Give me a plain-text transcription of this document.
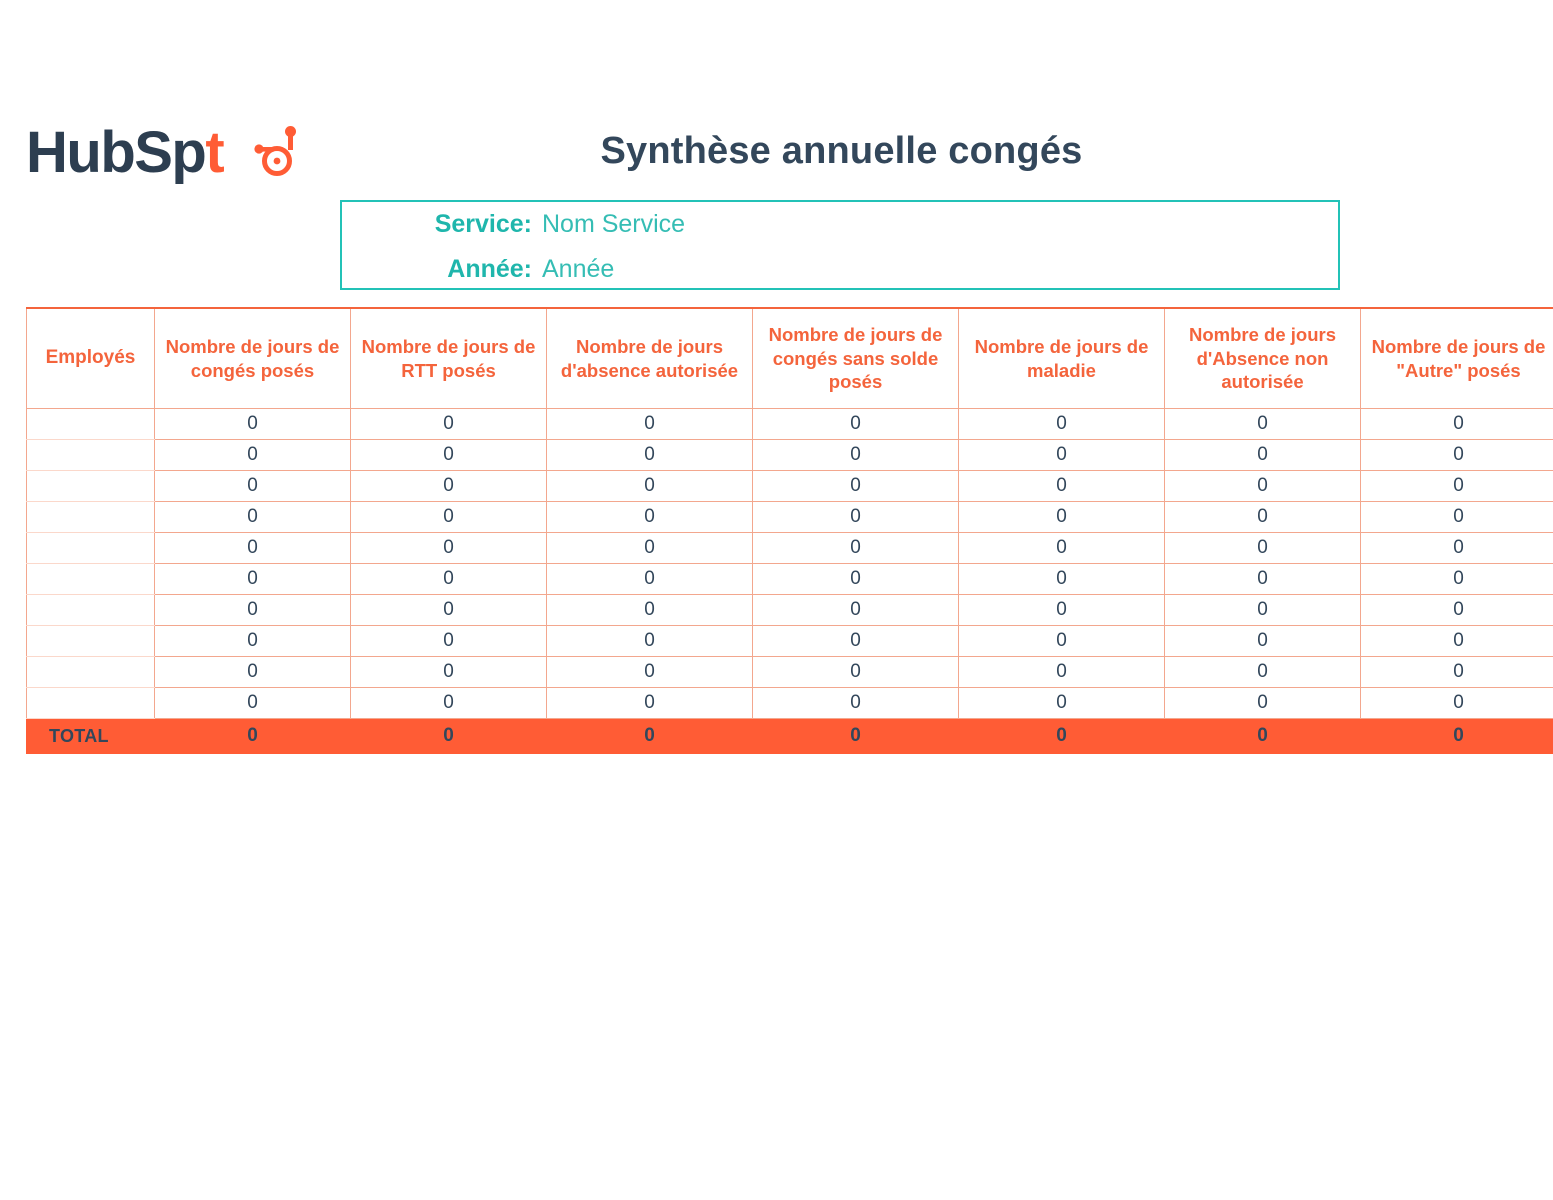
HubSpt	Synthèse annuelle congés
Service: Nom Service
Année: Année
Employés	Nombre de jours de congés posés	Nombre de jours de RTT posés	Nombre de jours d'absence autorisée	Nombre de jours de congés sans solde posés	Nombre de jours de maladie	Nombre de jours d'Absence non autorisée	Nombre de jours de "Autre" posés
	0	0	0	0	0	0	0
	0	0	0	0	0	0	0
	0	0	0	0	0	0	0
	0	0	0	0	0	0	0
	0	0	0	0	0	0	0
	0	0	0	0	0	0	0
	0	0	0	0	0	0	0
	0	0	0	0	0	0	0
	0	0	0	0	0	0	0
	0	0	0	0	0	0	0
TOTAL	0	0	0	0	0	0	0
